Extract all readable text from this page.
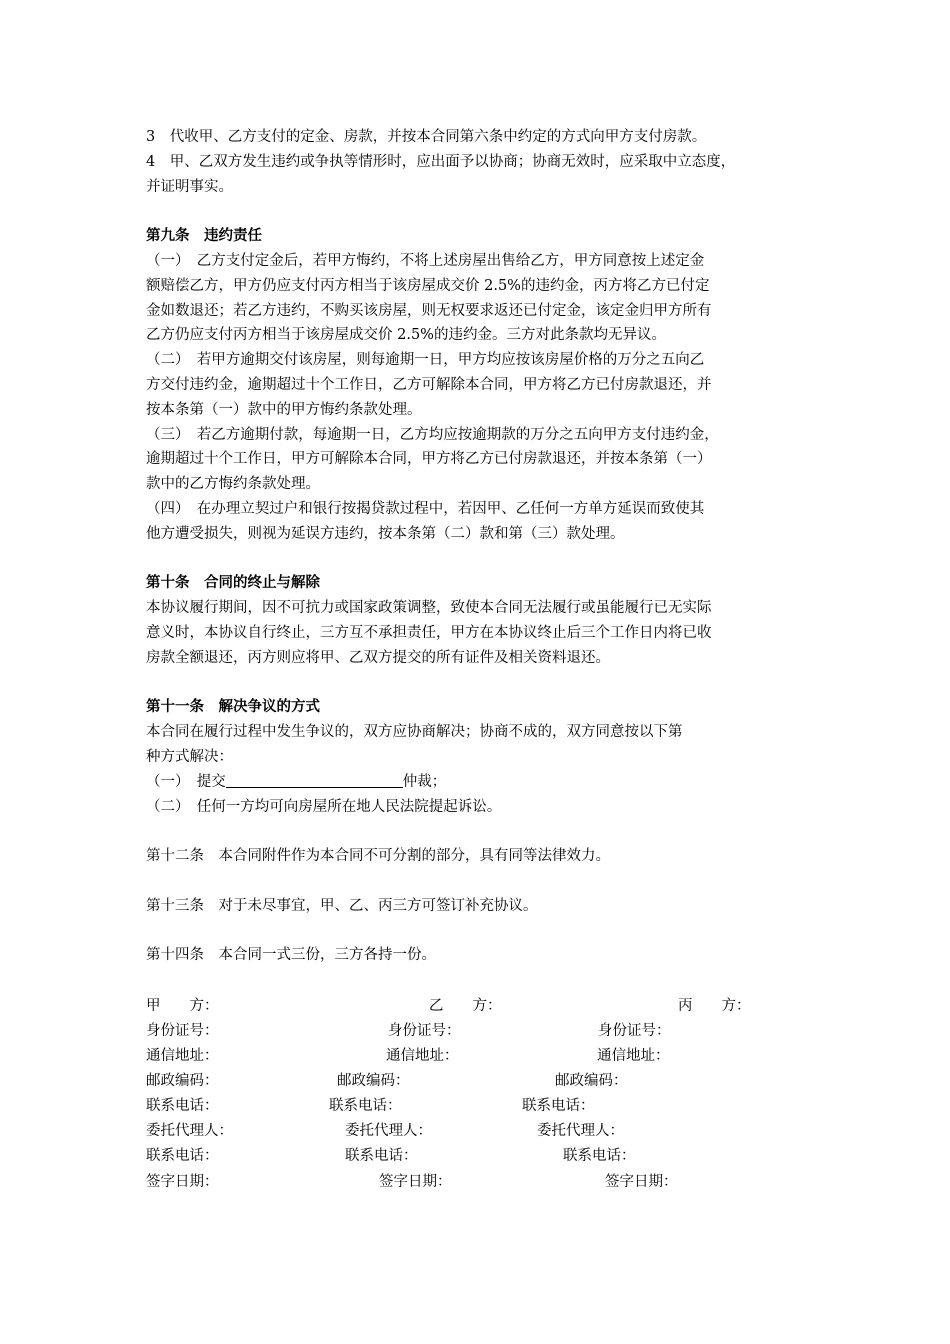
3　代收甲、乙方支付的定金、房款，并按本合同第六条中约定的方式向甲方支付房款。
4　甲、乙双方发生违约或争执等情形时，应出面予以协商；协商无效时，应采取中立态度，
并证明事实。
第九条　违约责任
（一）　乙方支付定金后，若甲方悔约，不将上述房屋出售给乙方，甲方同意按上述定金
额赔偿乙方，甲方仍应支付丙方相当于该房屋成交价 2.5%的违约金，丙方将乙方已付定
金如数退还；若乙方违约，不购买该房屋，则无权要求返还已付定金，该定金归甲方所有
乙方仍应支付丙方相当于该房屋成交价 2.5%的违约金。三方对此条款均无异议。
（二）　若甲方逾期交付该房屋，则每逾期一日，甲方均应按该房屋价格的万分之五向乙
方交付违约金，逾期超过十个工作日，乙方可解除本合同，甲方将乙方已付房款退还，并
按本条第（一）款中的甲方悔约条款处理。
（三）　若乙方逾期付款，每逾期一日，乙方均应按逾期款的万分之五向甲方支付违约金，
逾期超过十个工作日，甲方可解除本合同，甲方将乙方已付房款退还，并按本条第（一）
款中的乙方悔约条款处理。
（四）　在办理立契过户和银行按揭贷款过程中，若因甲、乙任何一方单方延误而致使其
他方遭受损失，则视为延误方违约，按本条第（二）款和第（三）款处理。
第十条　合同的终止与解除
本协议履行期间，因不可抗力或国家政策调整，致使本合同无法履行或虽能履行已无实际
意义时，本协议自行终止，三方互不承担责任，甲方在本协议终止后三个工作日内将已收
房款全额退还，丙方则应将甲、乙双方提交的所有证件及相关资料退还。
第十一条　解决争议的方式
本合同在履行过程中发生争议的，双方应协商解决；协商不成的，双方同意按以下第
种方式解决：
（一）　提交	仲裁；
（二）　任何一方均可向房屋所在地人民法院提起诉讼。
第十二条　本合同附件作为本合同不可分割的部分，具有同等法律效力。
第十三条　对于未尽事宜，甲、乙、丙三方可签订补充协议。
第十四条　本合同一式三份，三方各持一份。
甲　　方：	乙　　方：	丙　　方：
身份证号：	身份证号：	身份证号：
通信地址：	通信地址：	通信地址：
邮政编码：	邮政编码：	邮政编码：
联系电话：	联系电话：	联系电话：
委托代理人：	委托代理人：	委托代理人：
联系电话：	联系电话：	联系电话：
签字日期：	签字日期：	签字日期：
